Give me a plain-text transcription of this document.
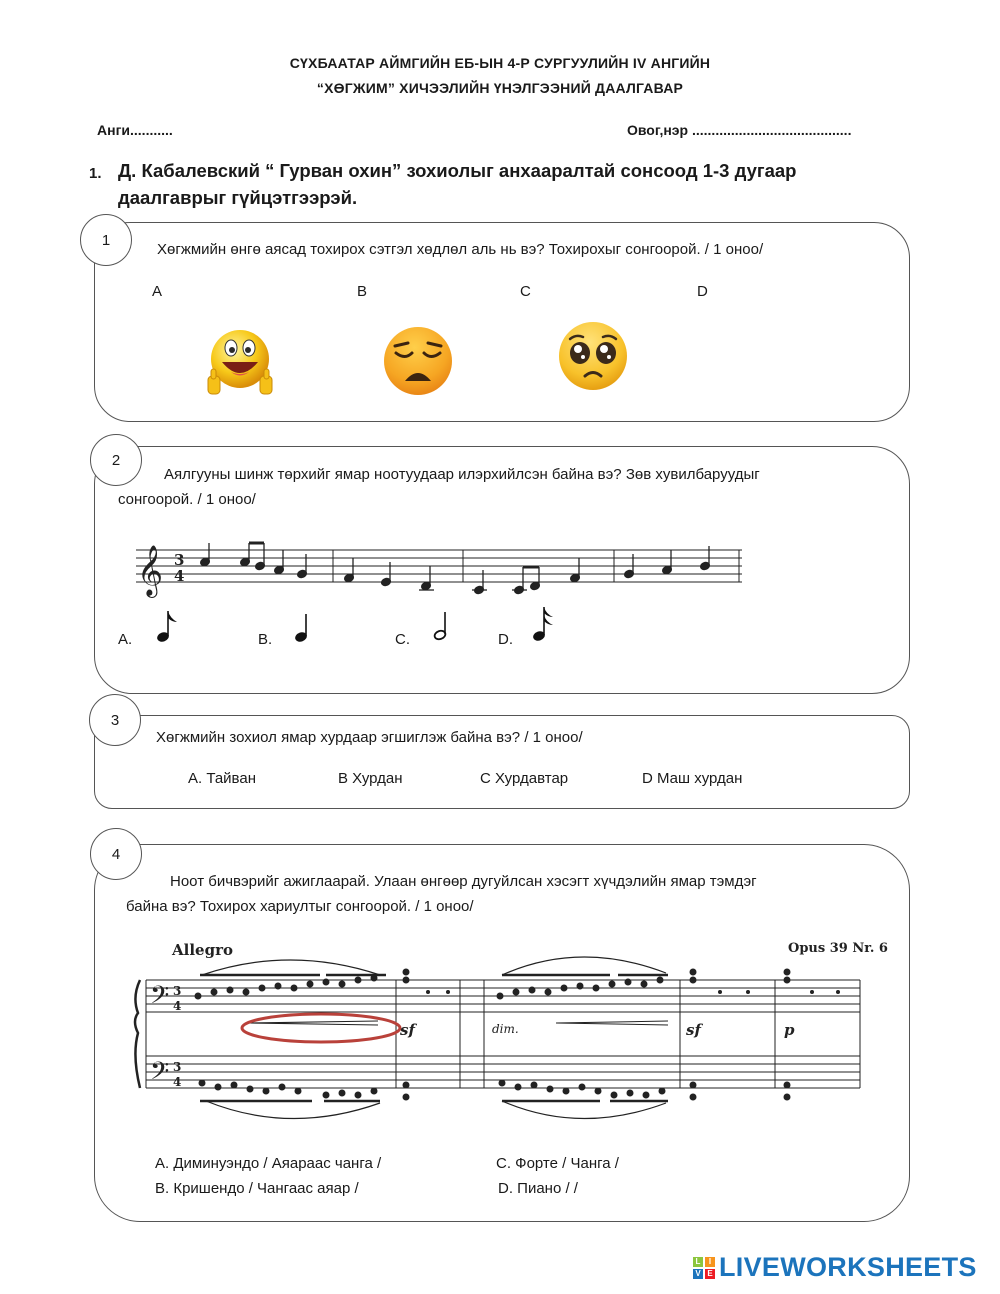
СҮХБААТАР АЙМГИЙН ЕБ-ЫН 4-Р СУРГУУЛИЙН IV АНГИЙН
“ХӨГЖИМ” ХИЧЭЭЛИЙН ҮНЭЛГЭЭНИЙ ДААЛГАВАР
Анги...........	Овог,нэр .........................................
1. Д. Кабалевский “ Гурван охин” зохиолыг анхааралтай сонсоод 1-3 дугаар
даалгаврыг гүйцэтгээрэй.
1
Хөгжмийн өнгө аясад тохирох сэтгэл хөдлөл аль нь вэ? Тохирохыг сонгоорой. / 1 оноо/
A	B	C	D
2
Аялгууны шинж төрхийг ямар ноотуудаар илэрхийлсэн байна вэ? Зөв хувилбаруудыг
сонгоорой. / 1 оноо/
𝄞 3
4
A.	B.	C.	D.
3
Хөгжмийн зохиол ямар хурдаар эгшиглэж байна вэ? / 1 оноо/
А. Тайван	В Хурдан	С Хурдавтар	D Маш хурдан
4
Ноот бичвэрийг ажиглаарай. Улаан өнгөөр дугуйлсан хэсэгт хүчдэлийн ямар тэмдэг
байна вэ? Тохирох хариултыг сонгоорой. / 1 оноо/
Allegro	Opus 39 Nr. 6
𝄢
𝄢
3
4
3
4
sf	dim.	sf	p
А. Диминуэндо / Аяараас чанга /
В. Кришендо / Чангаас аяар /
С. Форте / Чанга /
D. Пиано / /
L	I
V E LIVEWORKSHEETS
